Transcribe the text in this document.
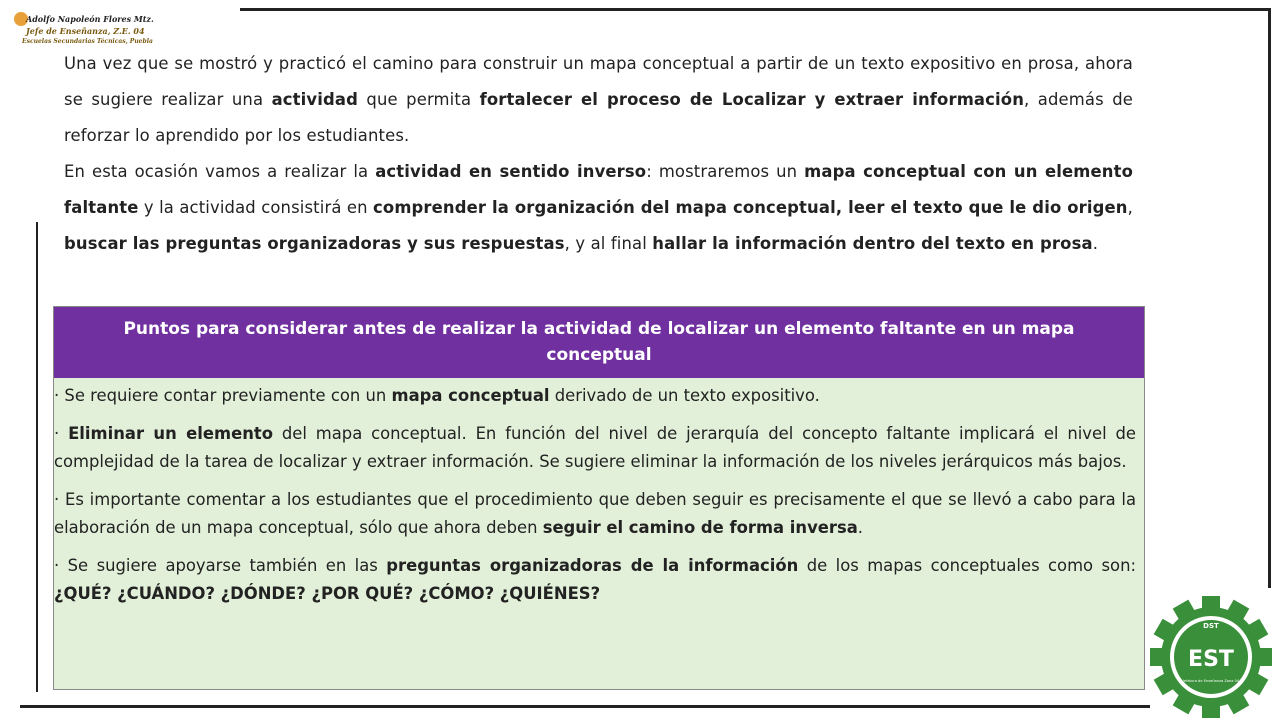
Adolfo Napoleón Flores Mtz.
Jefe de Enseñanza, Z.E. 04
Escuelas Secundarias Técnicas, Puebla

Una vez que se mostró y practicó el camino para construir un mapa conceptual a partir de un texto expositivo en prosa, ahora se sugiere realizar una actividad que permita fortalecer el proceso de Localizar y extraer información, además de reforzar lo aprendido por los estudiantes.

En esta ocasión vamos a realizar la actividad en sentido inverso: mostraremos un mapa conceptual con un elemento faltante y la actividad consistirá en comprender la organización del mapa conceptual, leer el texto que le dio origen, buscar las preguntas organizadoras y sus respuestas, y al final hallar la información dentro del texto en prosa.

Puntos para considerar antes de realizar la actividad de localizar un elemento faltante en un mapa conceptual

· Se requiere contar previamente con un mapa conceptual derivado de un texto expositivo.

· Eliminar un elemento del mapa conceptual. En función del nivel de jerarquía del concepto faltante implicará el nivel de complejidad de la tarea de localizar y extraer información. Se sugiere eliminar la información de los niveles jerárquicos más bajos.

· Es importante comentar a los estudiantes que el procedimiento que deben seguir es precisamente el que se llevó a cabo para la elaboración de un mapa conceptual, sólo que ahora deben seguir el camino de forma inversa.

· Se sugiere apoyarse también en las preguntas organizadoras de la información de los mapas conceptuales como son: ¿QUÉ? ¿CUÁNDO? ¿DÓNDE? ¿POR QUÉ? ¿CÓMO? ¿QUIÉNES?

DST
EST
Jefatura de Enseñanza Zona 04
